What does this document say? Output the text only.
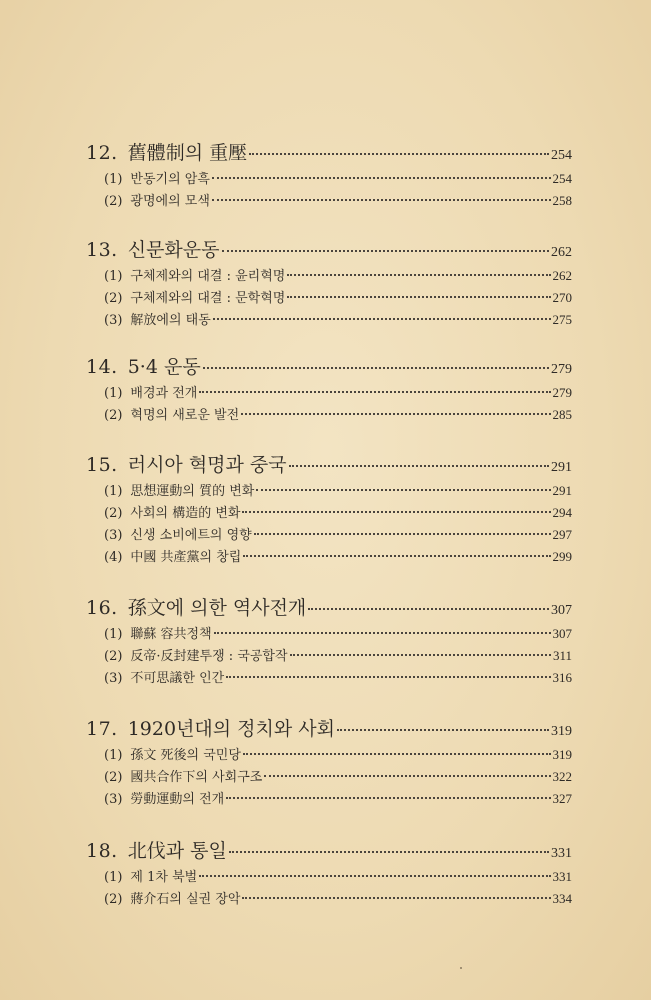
12. 舊體制의 重壓	254
(1) 반동기의 암흑	254
(2) 광명에의 모색	258
13. 신문화운동	262
(1) 구체제와의 대결 : 윤리혁명	262
(2) 구체제와의 대결 : 문학혁명	270
(3) 解放에의 태동	275
14. 5·4 운동	279
(1) 배경과 전개	279
(2) 혁명의 새로운 발전	285
15. 러시아 혁명과 중국	291
(1) 思想運動의 質的 변화	291
(2) 사회의 構造的 변화	294
(3) 신생 소비에트의 영향	297
(4) 中國 共產黨의 창립	299
16. 孫文에 의한 역사전개	307
(1) 聯蘇 容共정책	307
(2) 反帝·反封建투쟁 : 국공합작	311
(3) 不可思議한 인간	316
17. 1920년대의 정치와 사회	319
(1) 孫文 死後의 국민당	319
(2) 國共合作下의 사회구조	322
(3) 勞動運動의 전개	327
18. 北伐과 통일	331
(1) 제 1차 북벌	331
(2) 蔣介石의 실권 장악	334
